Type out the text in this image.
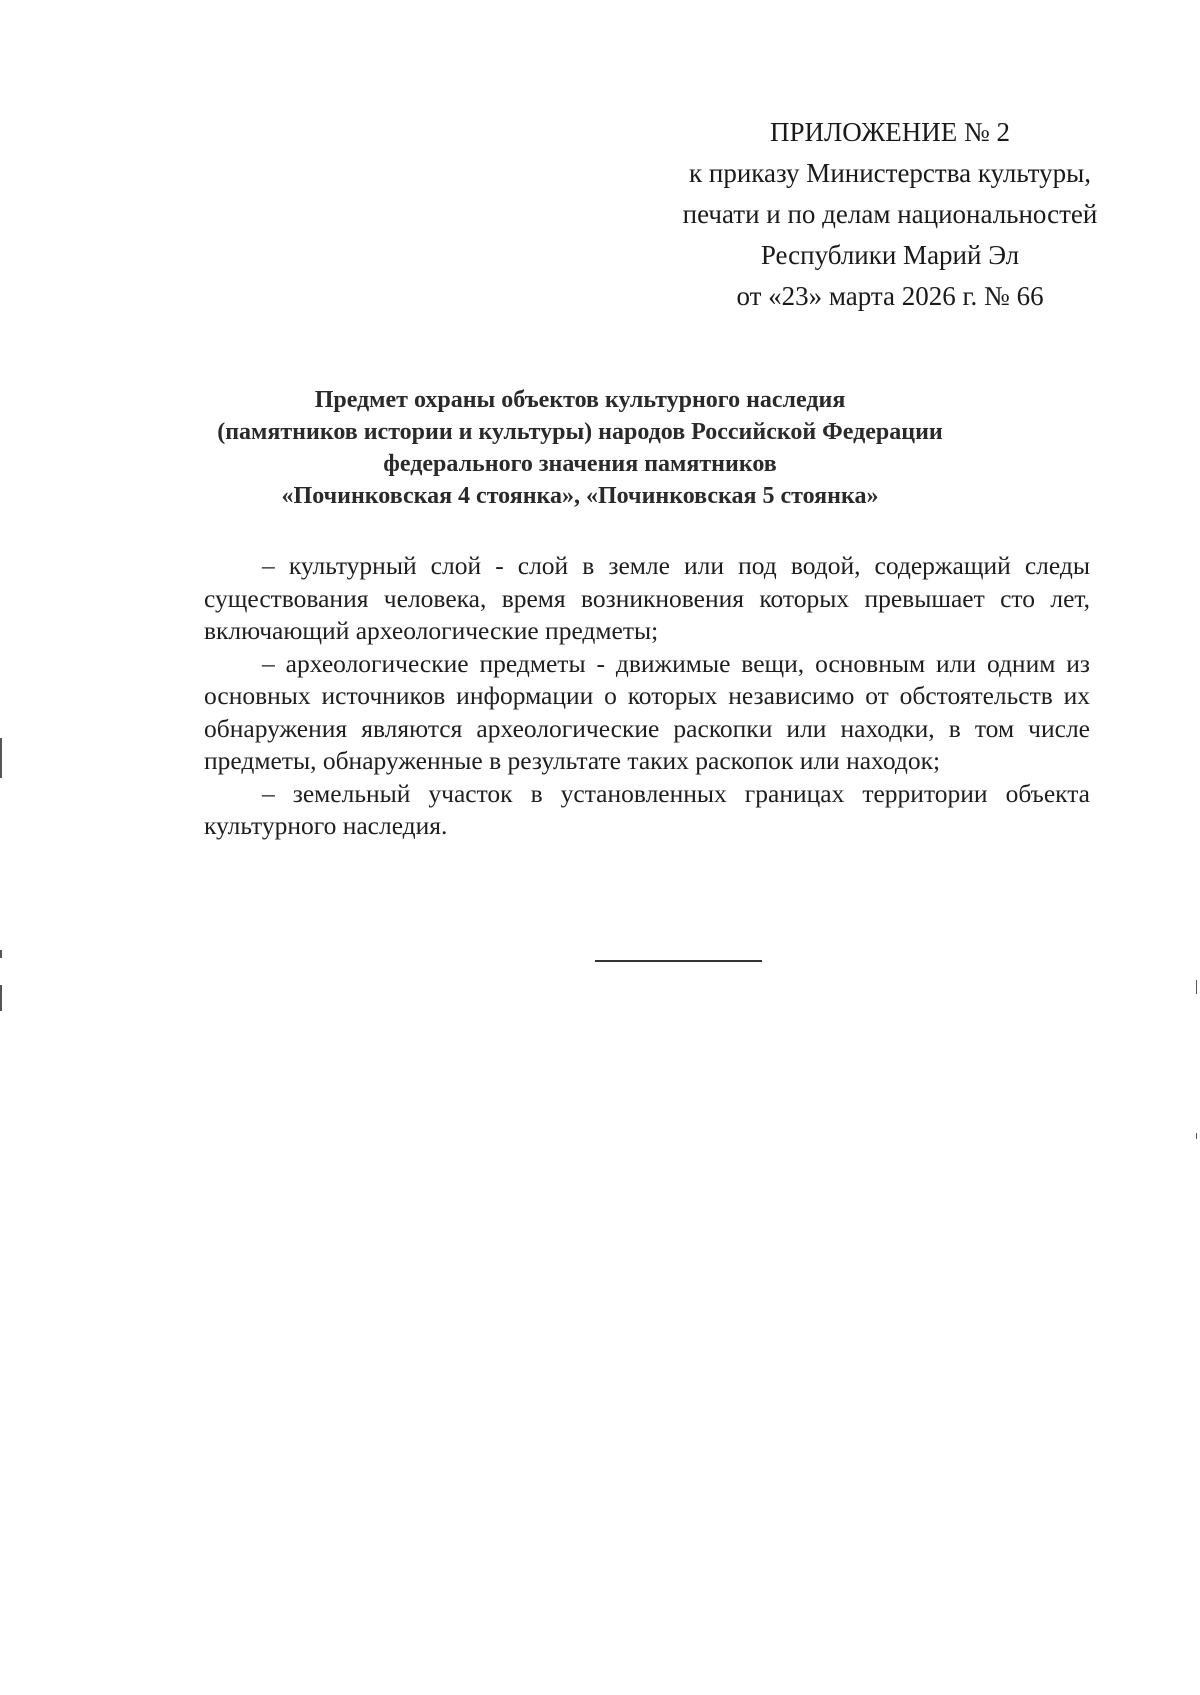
ПРИЛОЖЕНИЕ № 2
к приказу Министерства культуры,
печати и по делам национальностей
Республики Марий Эл
от «23» марта 2026 г. № 66
Предмет охраны объектов культурного наследия
(памятников истории и культуры) народов Российской Федерации
федерального значения памятников
«Починковская 4 стоянка», «Починковская 5 стоянка»

– культурный слой - слой в земле или под водой, содержащий следы существования человека, время возникновения которых превышает сто лет, включающий археологические предметы;

– археологические предметы - движимые вещи, основным или одним из основных источников информации о которых независимо от обстоятельств их обнаружения являются археологические раскопки или находки, в том числе предметы, обнаруженные в результате таких раскопок или находок;

– земельный участок в установленных границах территории объекта культурного наследия.
